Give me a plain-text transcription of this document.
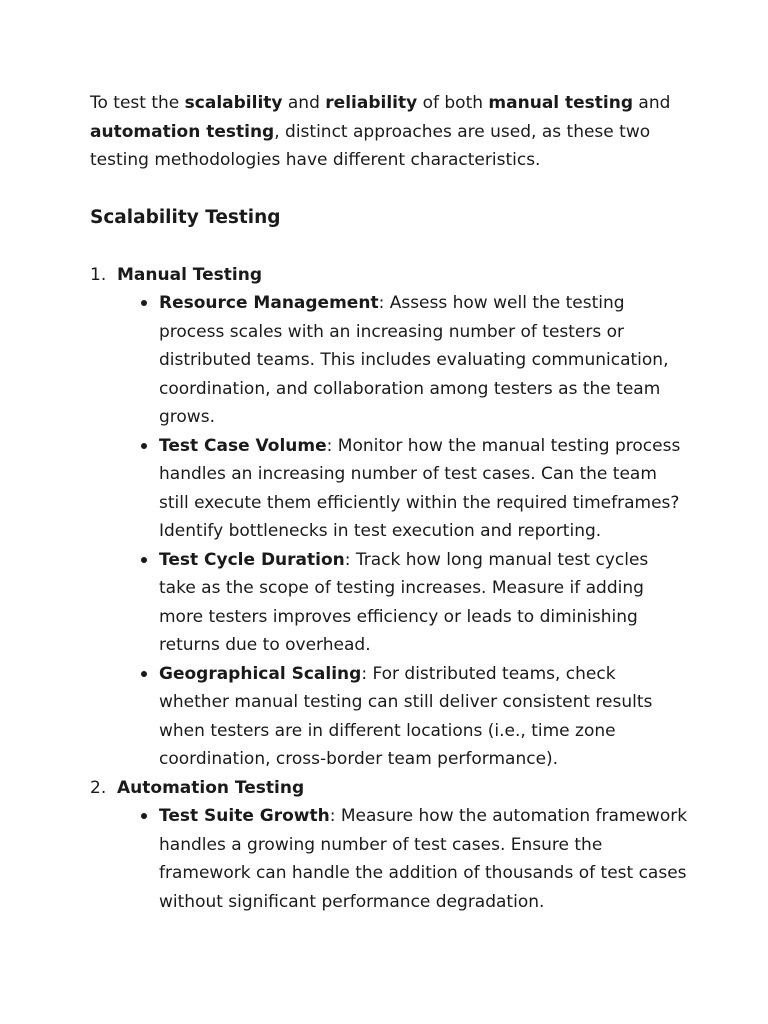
To test the scalability and reliability of both manual testing and automation testing, distinct approaches are used, as these two testing methodologies have different characteristics.

Scalability Testing
1. Manual Testing
Resource Management: Assess how well the testing process scales with an increasing number of testers or distributed teams. This includes evaluating communication, coordination, and collaboration among testers as the team grows.
Test Case Volume: Monitor how the manual testing process handles an increasing number of test cases. Can the team still execute them efficiently within the required timeframes? Identify bottlenecks in test execution and reporting.
Test Cycle Duration: Track how long manual test cycles take as the scope of testing increases. Measure if adding more testers improves efficiency or leads to diminishing returns due to overhead.
Geographical Scaling: For distributed teams, check whether manual testing can still deliver consistent results when testers are in different locations (i.e., time zone coordination, cross-border team performance).
2. Automation Testing
Test Suite Growth: Measure how the automation framework handles a growing number of test cases. Ensure the framework can handle the addition of thousands of test cases without significant performance degradation.
